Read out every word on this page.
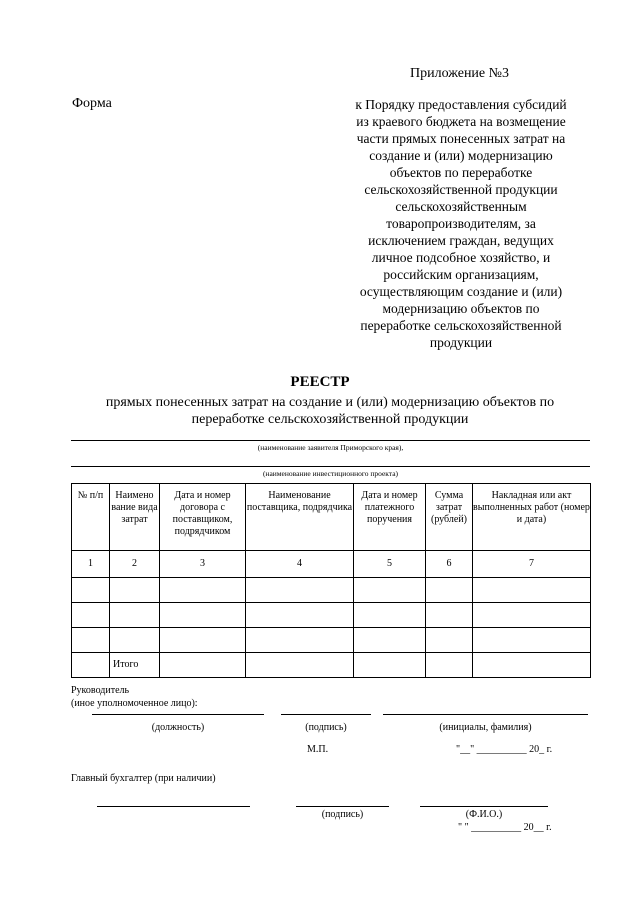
Приложение №3
Форма	к Порядку предоставления субсидий
из краевого бюджета на возмещение
части прямых понесенных затрат на
создание и (или) модернизацию
объектов по переработке
сельскохозяйственной продукции
сельскохозяйственным
товаропроизводителям, за
исключением граждан, ведущих
личное подсобное хозяйство, и
российским организациям,
осуществляющим создание и (или)
модернизацию объектов по
переработке сельскохозяйственной
продукции
РЕЕСТР
прямых понесенных затрат на создание и (или) модернизацию объектов по
переработке сельскохозяйственной продукции
(наименование заявителя Приморского края),
(наименование инвестиционного проекта)
№ п/п	Наимено вание вида затрат	Дата и номер договора с поставщиком, подрядчиком	Наименование поставщика, подрядчика	Дата и номер платежного поручения	Сумма затрат (рублей)	Накладная или акт выполненных работ (номер и дата)
1	2	3	4	5	6	7

	Итого					
Руководитель
(иное уполномоченное лицо):
(должность)	(подпись)	(инициалы, фамилия)
М.П.	"__" __________ 20_ г.
Главный бухгалтер (при наличии)
(подпись)	(Ф.И.О.)
" " __________ 20__ г.
